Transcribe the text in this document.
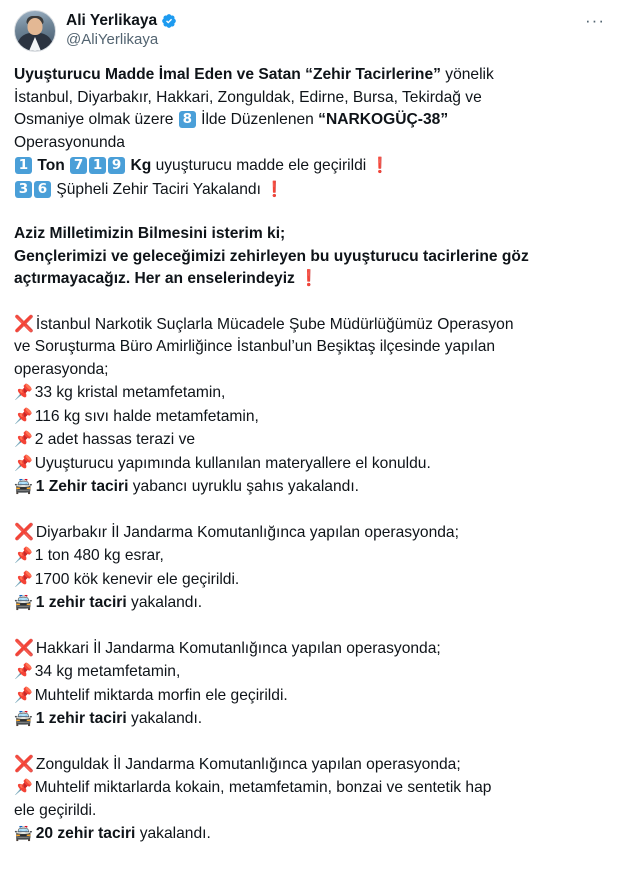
Ali Yerlikaya
@AliYerlikaya
···
Uyuşturucu Madde İmal Eden ve Satan “Zehir Tacirlerine” yönelik
İstanbul, Diyarbakır, Hakkari, Zonguldak, Edirne, Bursa, Tekirdağ ve
Osmaniye olmak üzere 8 İlde Düzenlenen “NARKOGÜÇ-38”
Operasyonunda
1 Ton 7 1 9 Kg uyuşturucu madde ele geçirildi ❗
3 6 Şüpheli Zehir Taciri Yakalandı ❗
Aziz Milletimizin Bilmesini isterim ki;
Gençlerimizi ve geleceğimizi zehirleyen bu uyuşturucu tacirlerine göz
açtırmayacağız. Her an enselerindeyiz ❗
❌ İstanbul Narkotik Suçlarla Mücadele Şube Müdürlüğümüz Operasyon
ve Soruşturma Büro Amirliğince İstanbul’un Beşiktaş ilçesinde yapılan
operasyonda;
📌 33 kg kristal metamfetamin,
📌 116 kg sıvı halde metamfetamin,
📌 2 adet hassas terazi ve
📌 Uyuşturucu yapımında kullanılan materyallere el konuldu.
🚔 1 Zehir taciri yabancı uyruklu şahıs yakalandı.
❌ Diyarbakır İl Jandarma Komutanlığınca yapılan operasyonda;
📌 1 ton 480 kg esrar,
📌 1700 kök kenevir ele geçirildi.
🚔 1 zehir taciri yakalandı.
❌ Hakkari İl Jandarma Komutanlığınca yapılan operasyonda;
📌 34 kg metamfetamin,
📌 Muhtelif miktarda morfin ele geçirildi.
🚔 1 zehir taciri yakalandı.
❌ Zonguldak İl Jandarma Komutanlığınca yapılan operasyonda;
📌 Muhtelif miktarlarda kokain, metamfetamin, bonzai ve sentetik hap
ele geçirildi.
🚔 20 zehir taciri yakalandı.
